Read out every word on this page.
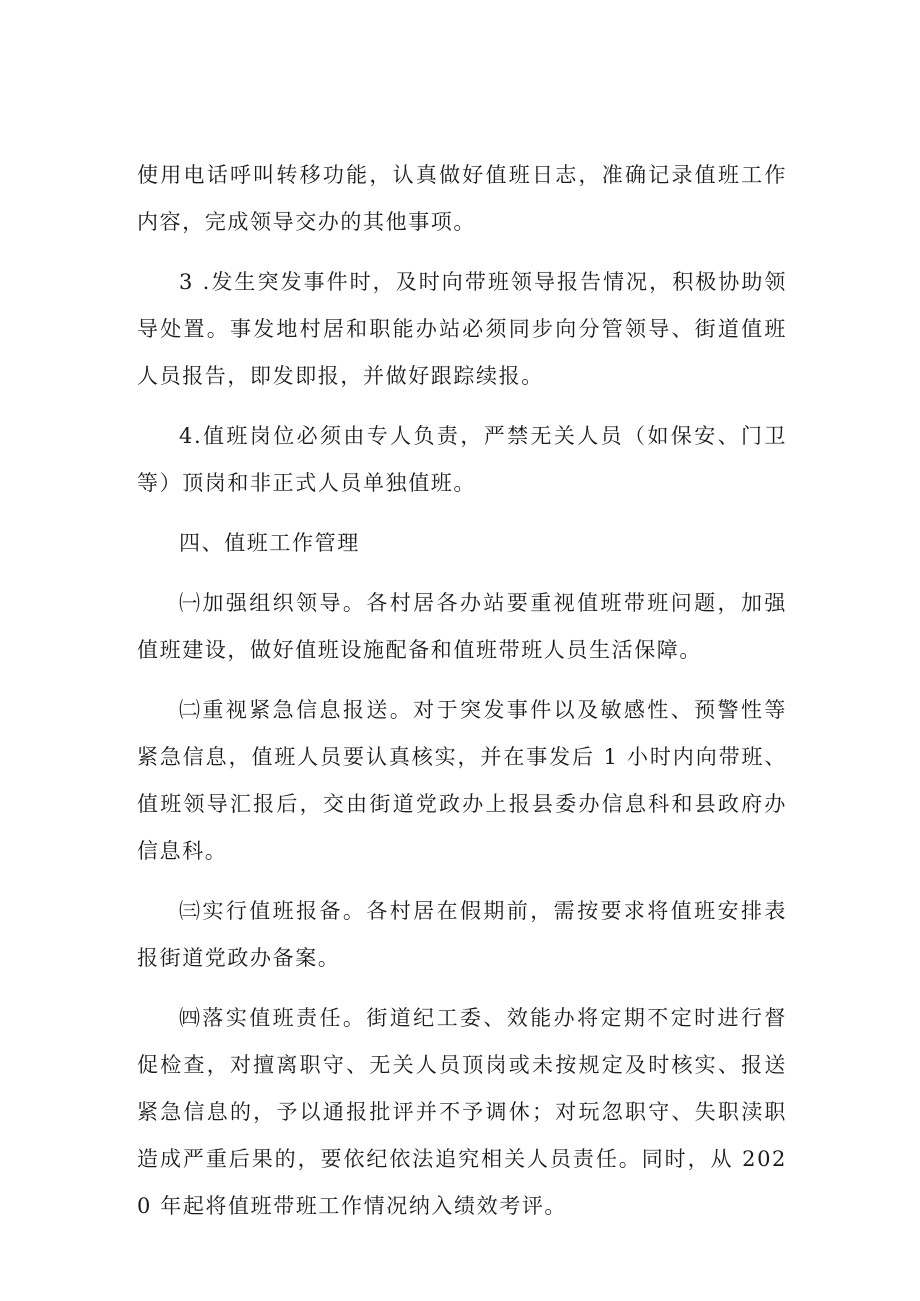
使用电话呼叫转移功能，认真做好值班日志，准确记录值班工作内容，完成领导交办的其他事项。

3 .发生突发事件时，及时向带班领导报告情况，积极协助领导处置。事发地村居和职能办站必须同步向分管领导、街道值班人员报告，即发即报，并做好跟踪续报。

4.值班岗位必须由专人负责，严禁无关人员（如保安、门卫等）顶岗和非正式人员单独值班。

四、值班工作管理

㈠加强组织领导。各村居各办站要重视值班带班问题，加强值班建设，做好值班设施配备和值班带班人员生活保障。

㈡重视紧急信息报送。对于突发事件以及敏感性、预警性等紧急信息，值班人员要认真核实，并在事发后 1 小时内向带班、值班领导汇报后，交由街道党政办上报县委办信息科和县政府办信息科。

㈢实行值班报备。各村居在假期前，需按要求将值班安排表报街道党政办备案。

㈣落实值班责任。街道纪工委、效能办将定期不定时进行督促检查，对擅离职守、无关人员顶岗或未按规定及时核实、报送紧急信息的，予以通报批评并不予调休；对玩忽职守、失职渎职造成严重后果的，要依纪依法追究相关人员责任。同时，从 2020 年起将值班带班工作情况纳入绩效考评。
